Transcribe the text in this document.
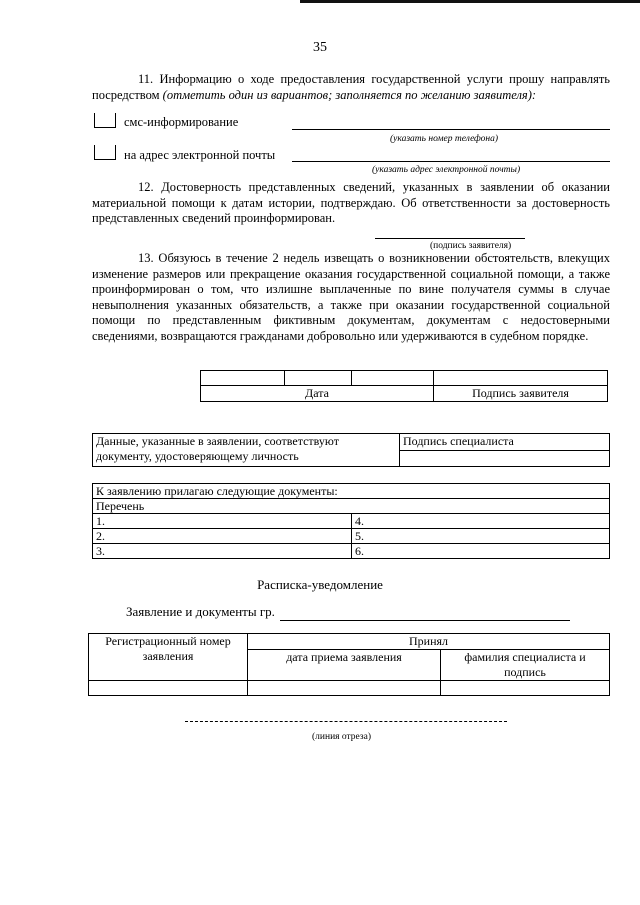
35
11. Информацию о ходе предоставления государственной услуги прошу направлять посредством (отметить один из вариантов; заполняется по желанию заявителя):
смс-информирование
(указать номер телефона)
на адрес электронной почты
(указать адрес электронной почты)
12. Достоверность представленных сведений, указанных в заявлении об оказании материальной помощи к датам истории, подтверждаю. Об ответственности за достоверность представленных сведений проинформирован.
(подпись заявителя)
13. Обязуюсь в течение 2 недель извещать о возникновении обстоятельств, влекущих изменение размеров или прекращение оказания государственной социальной помощи, а также проинформирован о том, что излишне выплаченные по вине получателя суммы в случае невыполнения указанных обязательств, а также при оказании государственной социальной помощи по представленным фиктивным документам, документам с недостоверными сведениями, возвращаются гражданами добровольно или удерживаются в судебном порядке.

Дата			Подпись заявителя
Данные, указанные в заявлении, соответствуют документу, удостоверяющему личность	
Подпись специалиста
К заявлению прилагаю следующие документы:	
Перечень	
1.	4.
2.	5.
3.	6.
Расписка-уведомление
Заявление и документы гр.
Регистрационный номер заявления	Принял	
	дата приема заявления	фамилия специалиста и подпись

(линия отреза)
